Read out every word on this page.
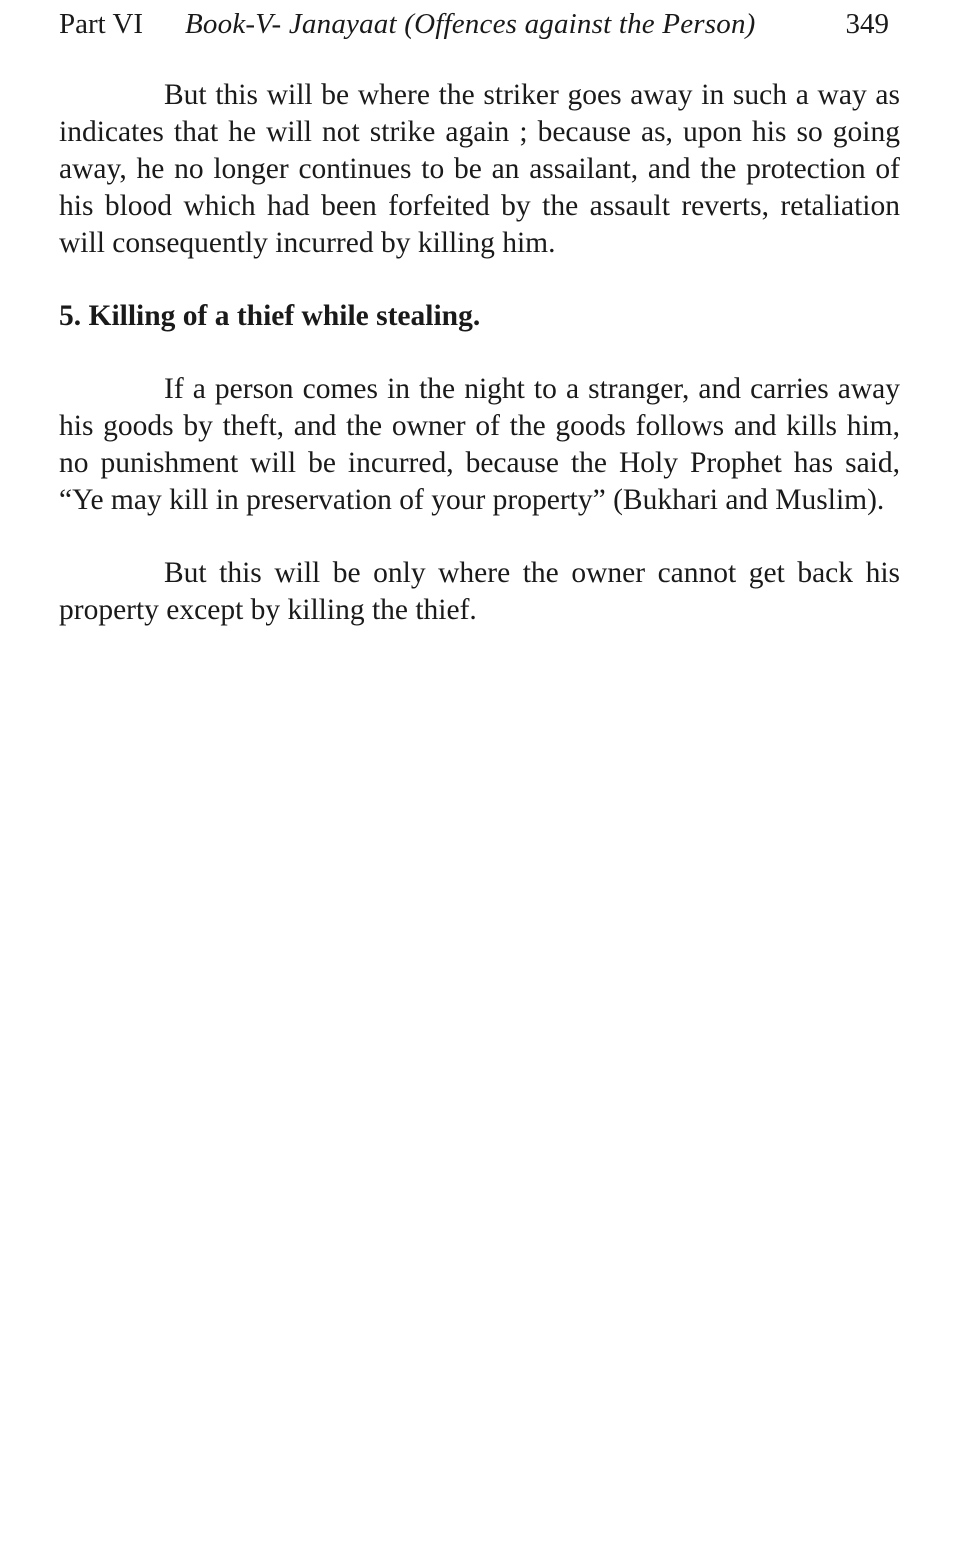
Part VI Book-V- Janayaat (Offences against the Person)	349

But this will be where the striker goes away in such a way as indicates that he will not strike again ; because as, upon his so going away, he no longer continues to be an assailant, and the protection of his blood which had been forfeited by the assault reverts, retaliation will consequently incurred by killing him.

5. Killing of a thief while stealing.

If a person comes in the night to a stranger, and carries away his goods by theft, and the owner of the goods follows and kills him, no punishment will be incurred, because the Holy Prophet has said, “Ye may kill in preservation of your property” (Bukhari and Muslim).

But this will be only where the owner cannot get back his property except by killing the thief.
